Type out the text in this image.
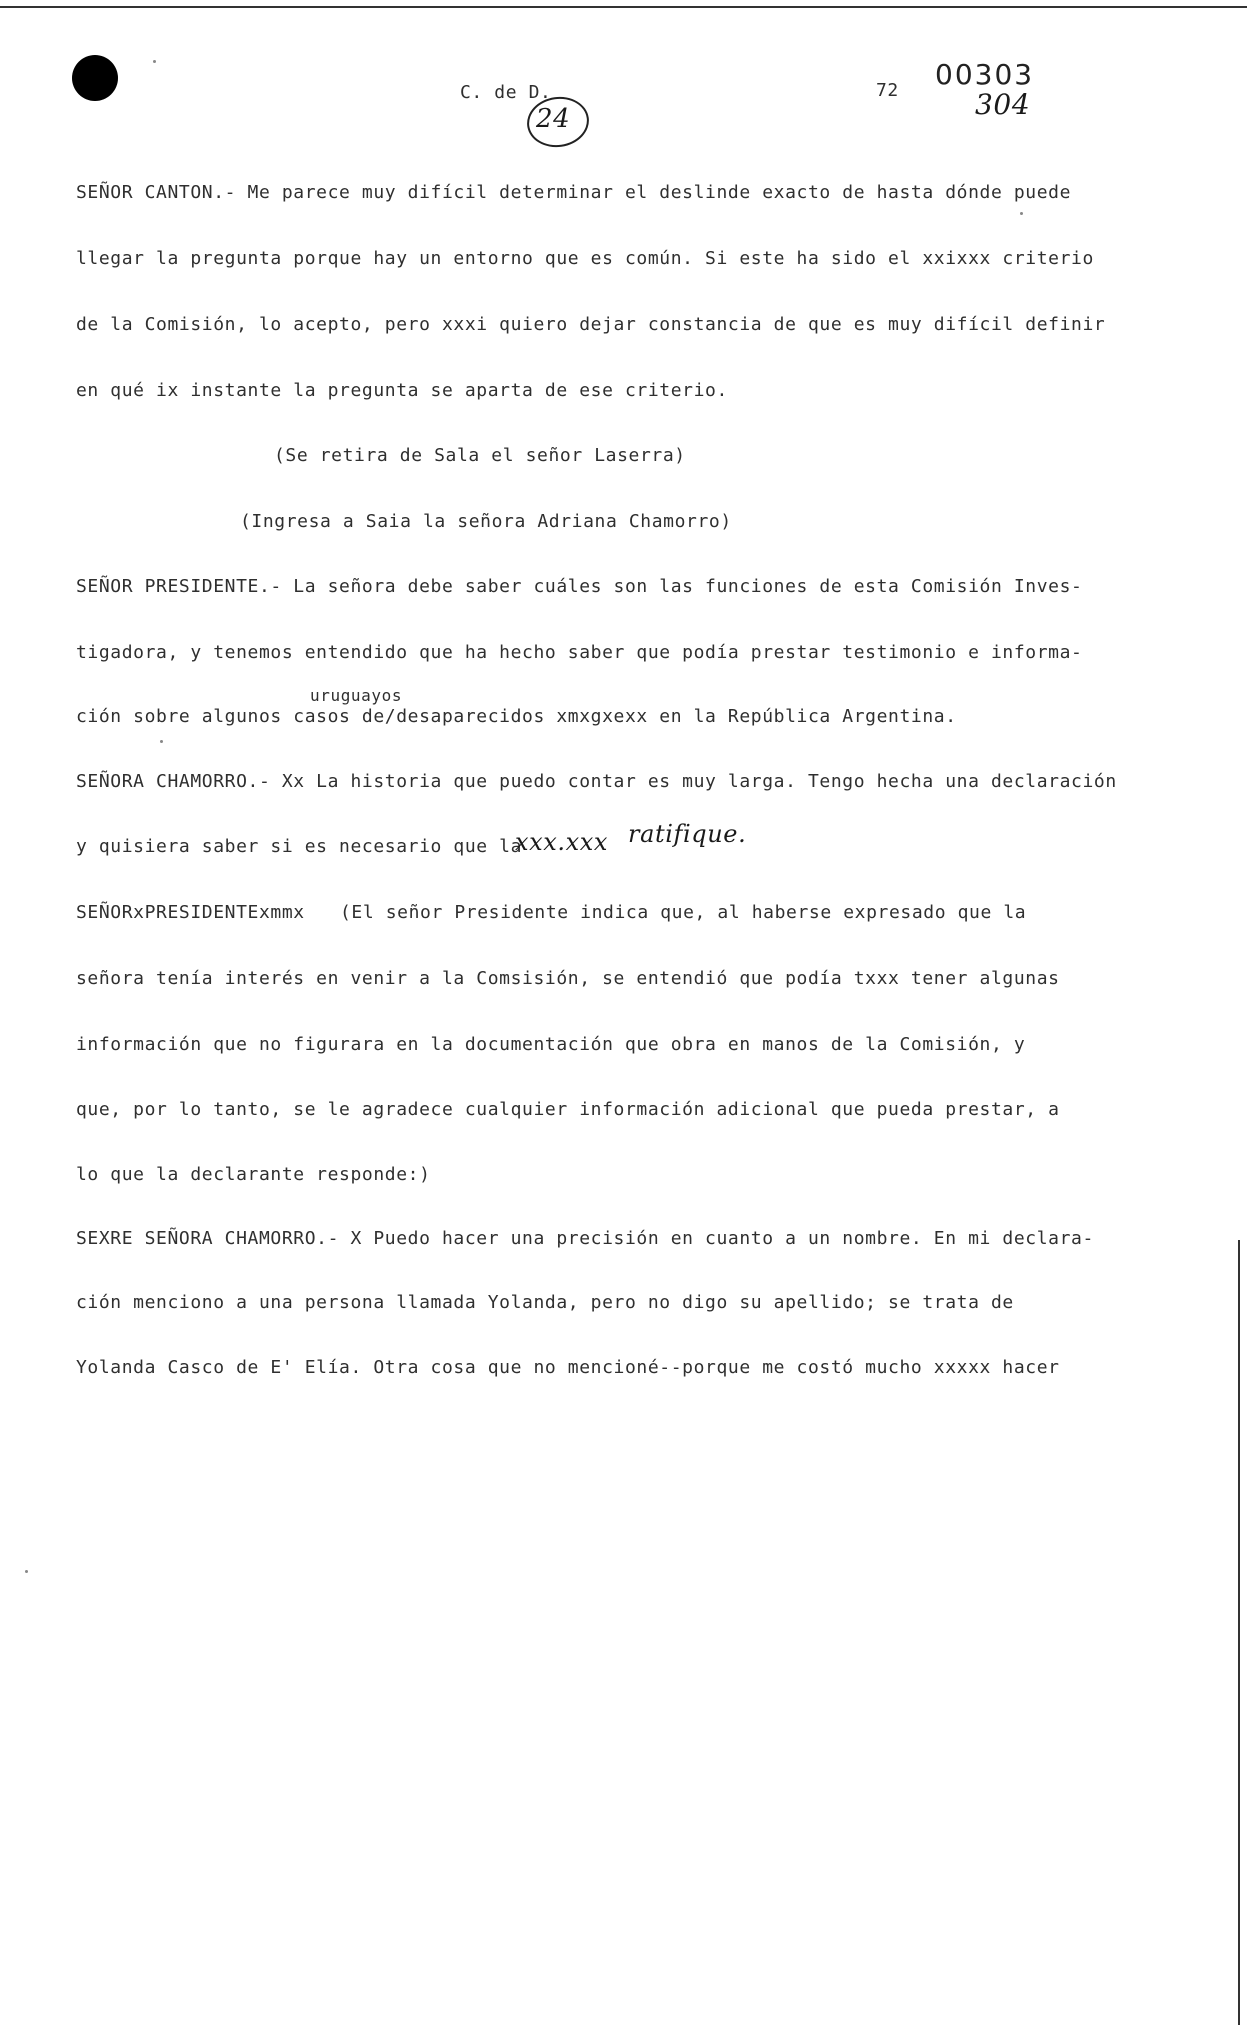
C. de D.
24
72 00303
304
SEÑOR CANTON.- Me parece muy difícil determinar el deslinde exacto de hasta dónde puede
llegar la pregunta porque hay un entorno que es común. Si este ha sido el xxixxx criterio
de la Comisión, lo acepto, pero xxxi quiero dejar constancia de que es muy difícil definir
en qué ix instante la pregunta se aparta de ese criterio.
(Se retira de Sala el señor Laserra)
(Ingresa a Saia la señora Adriana Chamorro)
SEÑOR PRESIDENTE.- La señora debe saber cuáles son las funciones de esta Comisión Inves-
tigadora, y tenemos entendido que ha hecho saber que podía prestar testimonio e informa-
uruguayos
ción sobre algunos casos de/desaparecidos xmxgxexx en la República Argentina.
SEÑORA CHAMORRO.- Xx La historia que puedo contar es muy larga. Tengo hecha una declaración
y quisiera saber si es necesario que la
xxx.xxx ratifique.
SEÑORxPRESIDENTExmmx (El señor Presidente indica que, al haberse expresado que la
señora tenía interés en venir a la Comsisión, se entendió que podía txxx tener algunas
información que no figurara en la documentación que obra en manos de la Comisión, y
que, por lo tanto, se le agradece cualquier información adicional que pueda prestar, a
lo que la declarante responde:)
SEXRE SEÑORA CHAMORRO.- X Puedo hacer una precisión en cuanto a un nombre. En mi declara-
ción menciono a una persona llamada Yolanda, pero no digo su apellido; se trata de
Yolanda Casco de E' Elía. Otra cosa que no mencioné--porque me costó mucho xxxxx hacer
